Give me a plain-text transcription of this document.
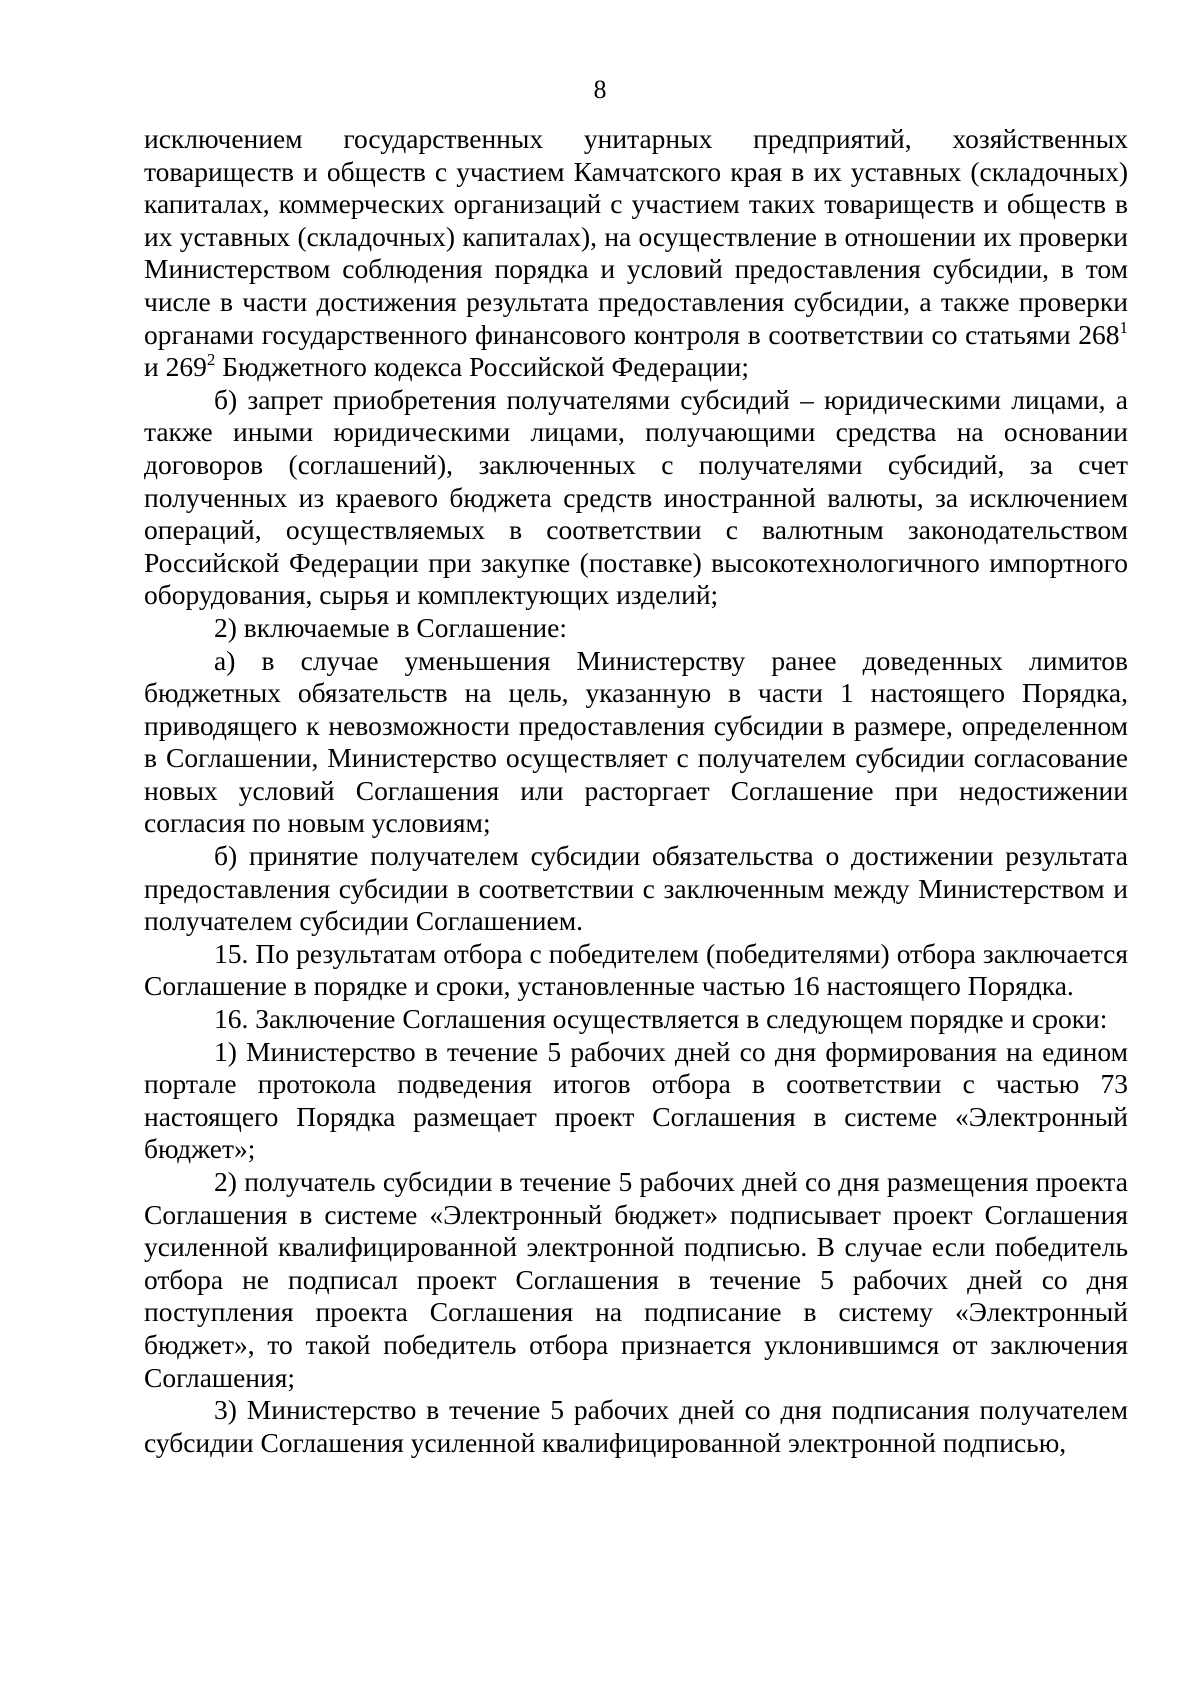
8

исключением государственных унитарных предприятий, хозяйственных товариществ и обществ с участием Камчатского края в их уставных (складочных) капиталах, коммерческих организаций с участием таких товариществ и обществ в их уставных (складочных) капиталах), на осуществление в отношении их проверки Министерством соблюдения порядка и условий предоставления субсидии, в том числе в части достижения результата предоставления субсидии, а также проверки органами государственного финансового контроля в соответствии со статьями $268^1$ и $269^2$ Бюджетного кодекса Российской Федерации;

б) запрет приобретения получателями субсидий – юридическими лицами, а также иными юридическими лицами, получающими средства на основании договоров (соглашений), заключенных с получателями субсидий, за счет полученных из краевого бюджета средств иностранной валюты, за исключением операций, осуществляемых в соответствии с валютным законодательством Российской Федерации при закупке (поставке) высокотехнологичного импортного оборудования, сырья и комплектующих изделий;

2) включаемые в Соглашение:

а) в случае уменьшения Министерству ранее доведенных лимитов бюджетных обязательств на цель, указанную в части 1 настоящего Порядка, приводящего к невозможности предоставления субсидии в размере, определенном в Соглашении, Министерство осуществляет с получателем субсидии согласование новых условий Соглашения или расторгает Соглашение при недостижении согласия по новым условиям;

б) принятие получателем субсидии обязательства о достижении результата предоставления субсидии в соответствии с заключенным между Министерством и получателем субсидии Соглашением.

15. По результатам отбора с победителем (победителями) отбора заключается Соглашение в порядке и сроки, установленные частью 16 настоящего Порядка.

16. Заключение Соглашения осуществляется в следующем порядке и сроки:

1) Министерство в течение 5 рабочих дней со дня формирования на едином портале протокола подведения итогов отбора в соответствии с частью 73 настоящего Порядка размещает проект Соглашения в системе «Электронный бюджет»;

2) получатель субсидии в течение 5 рабочих дней со дня размещения проекта Соглашения в системе «Электронный бюджет» подписывает проект Соглашения усиленной квалифицированной электронной подписью. В случае если победитель отбора не подписал проект Соглашения в течение 5 рабочих дней со дня поступления проекта Соглашения на подписание в систему «Электронный бюджет», то такой победитель отбора признается уклонившимся от заключения Соглашения;

3) Министерство в течение 5 рабочих дней со дня подписания получателем субсидии Соглашения усиленной квалифицированной электронной подписью,
